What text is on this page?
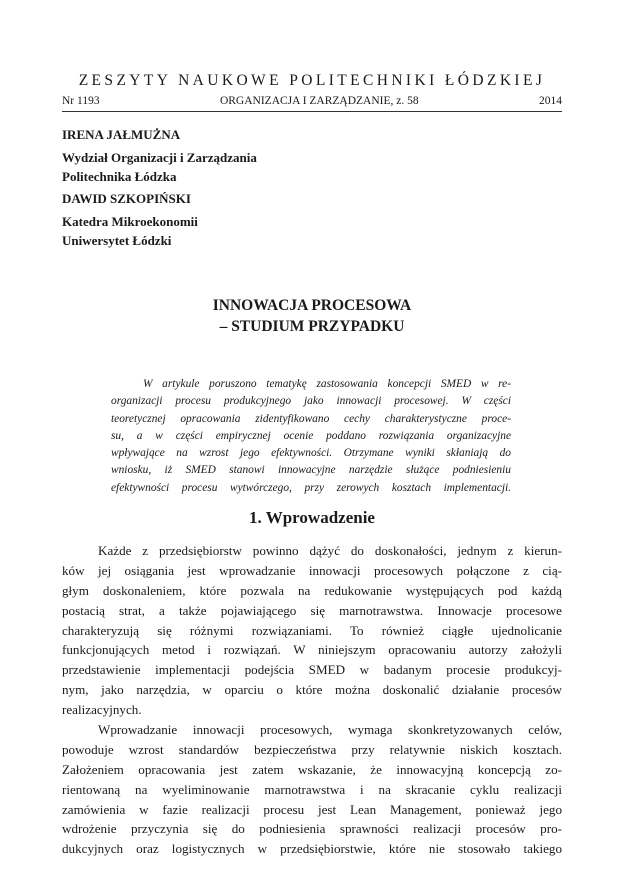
ZESZYTY NAUKOWE POLITECHNIKI ŁÓDZKIEJ
Nr 1193	ORGANIZACJA I ZARZĄDZANIE, z. 58	2014
IRENA JAŁMUŻNA
Wydział Organizacji i Zarządzania
Politechnika Łódzka
DAWID SZKOPIŃSKI
Katedra Mikroekonomii
Uniwersytet Łódzki
INNOWACJA PROCESOWA
– STUDIUM PRZYPADKU
W artykule poruszono tematykę zastosowania koncepcji SMED w re-
organizacji procesu produkcyjnego jako innowacji procesowej. W części
teoretycznej opracowania zidentyfikowano cechy charakterystyczne proce-
su, a w części empirycznej ocenie poddano rozwiązania organizacyjne
wpływające na wzrost jego efektywności. Otrzymane wyniki skłaniają do
wniosku, iż SMED stanowi innowacyjne narzędzie służące podniesieniu
efektywności procesu wytwórczego, przy zerowych kosztach implementacji.
1. Wprowadzenie
Każde z przedsiębiorstw powinno dążyć do doskonałości, jednym z kierun-
ków jej osiągania jest wprowadzanie innowacji procesowych połączone z cią-
głym doskonaleniem, które pozwala na redukowanie występujących pod każdą
postacią strat, a także pojawiającego się marnotrawstwa. Innowacje procesowe
charakteryzują się różnymi rozwiązaniami. To również ciągłe ujednolicanie
funkcjonujących metod i rozwiązań. W niniejszym opracowaniu autorzy założyli
przedstawienie implementacji podejścia SMED w badanym procesie produkcyj-
nym, jako narzędzia, w oparciu o które można doskonalić działanie procesów
realizacyjnych.
Wprowadzanie innowacji procesowych, wymaga skonkretyzowanych celów,
powoduje wzrost standardów bezpieczeństwa przy relatywnie niskich kosztach.
Założeniem opracowania jest zatem wskazanie, że innowacyjną koncepcją zo-
rientowaną na wyeliminowanie marnotrawstwa i na skracanie cyklu realizacji
zamówienia w fazie realizacji procesu jest Lean Management, ponieważ jego
wdrożenie przyczynia się do podniesienia sprawności realizacji procesów pro-
dukcyjnych oraz logistycznych w przedsiębiorstwie, które nie stosowało takiego
